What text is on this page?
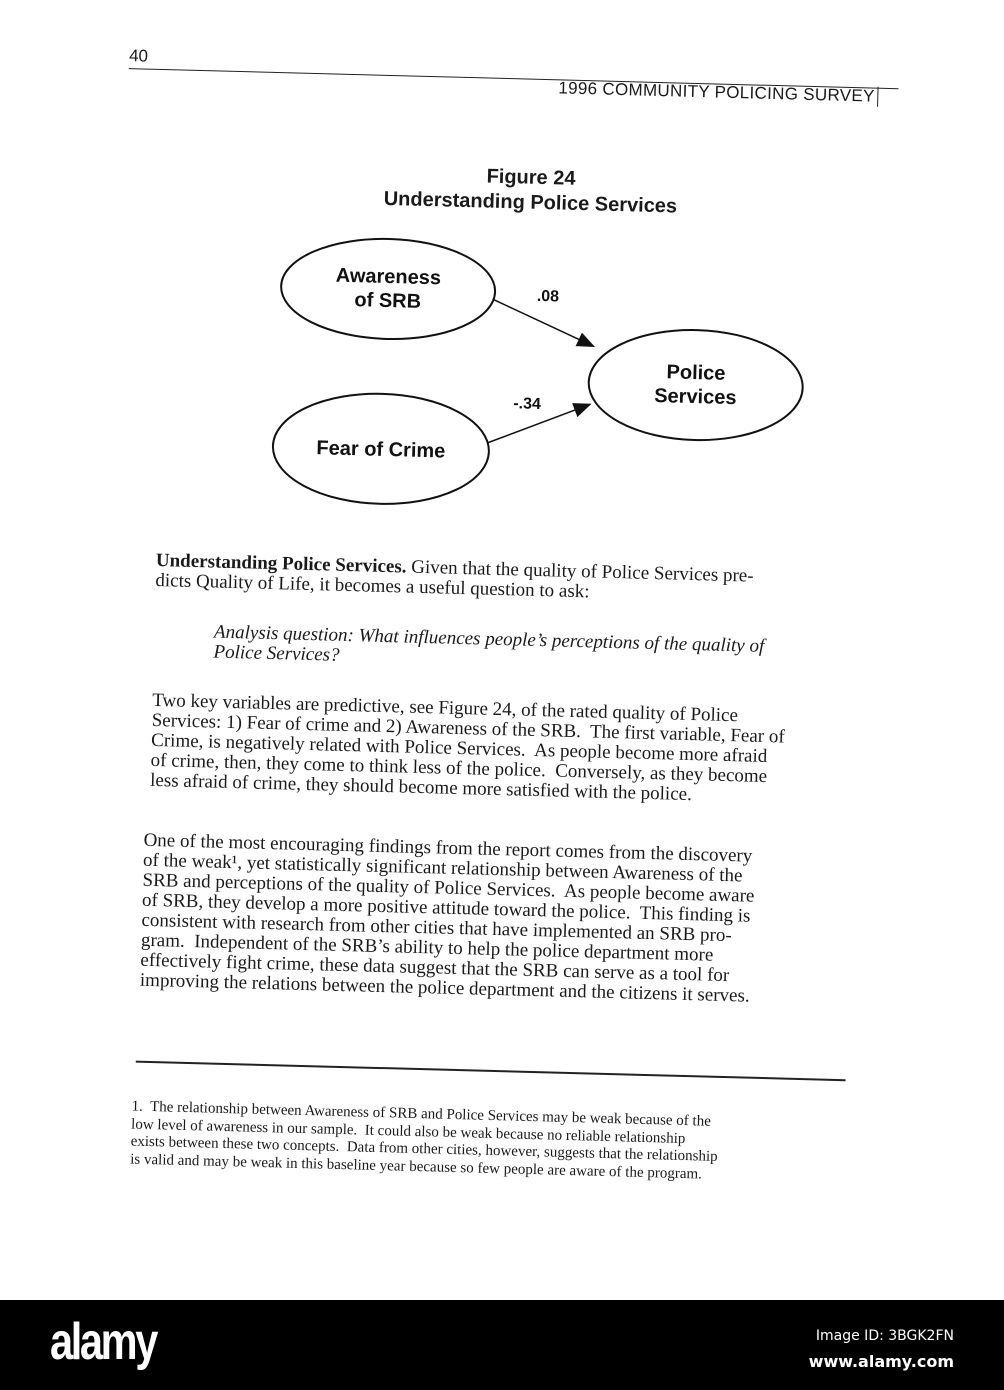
40
1996 COMMUNITY POLICING SURVEY
Figure 24
Understanding Police Services
Awareness
of SRB
Fear of Crime
Police
Services
.08
-.34
Understanding Police Services. Given that the quality of Police Services pre-
dicts Quality of Life, it becomes a useful question to ask:
Analysis question: What influences people’s perceptions of the quality of
Police Services?
Two key variables are predictive, see Figure 24, of the rated quality of Police
Services: 1) Fear of crime and 2) Awareness of the SRB.  The first variable, Fear of
Crime, is negatively related with Police Services.  As people become more afraid
of crime, then, they come to think less of the police.  Conversely, as they become
less afraid of crime, they should become more satisfied with the police.
One of the most encouraging findings from the report comes from the discovery
of the weak¹, yet statistically significant relationship between Awareness of the
SRB and perceptions of the quality of Police Services.  As people become aware
of SRB, they develop a more positive attitude toward the police.  This finding is
consistent with research from other cities that have implemented an SRB pro-
gram.  Independent of the SRB’s ability to help the police department more
effectively fight crime, these data suggest that the SRB can serve as a tool for
improving the relations between the police department and the citizens it serves.
1.  The relationship between Awareness of SRB and Police Services may be weak because of the
low level of awareness in our sample.  It could also be weak because no reliable relationship
exists between these two concepts.  Data from other cities, however, suggests that the relationship
is valid and may be weak in this baseline year because so few people are aware of the program.
alamy	Image ID: 3BGK2FN
www.alamy.com
